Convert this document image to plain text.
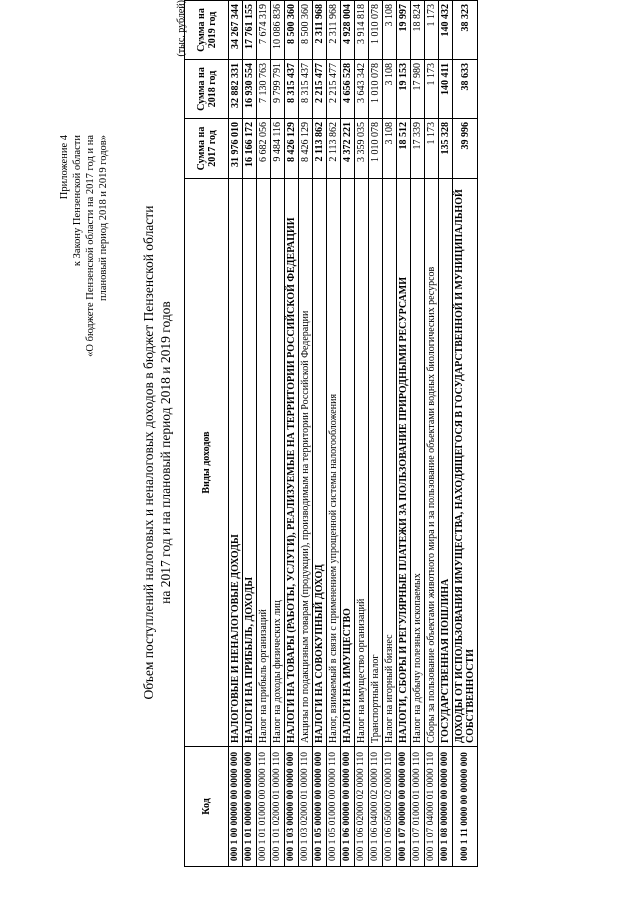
Приложение 4 к Закону Пензенской области «О бюджете Пензенской области на 2017 год и на плановый период 2018 и 2019 годов» Объем поступлений налоговых и неналоговых доходов в бюджет Пензенской области на 2017 год и на плановый период 2018 и 2019 годов
(тыс. рублей)
Код	Виды доходов	Сумма на 2017 год	Сумма на 2018 год	Сумма на 2019 год
000 1 00 00000 00 0000 000	НАЛОГОВЫЕ И НЕНАЛОГОВЫЕ ДОХОДЫ	31 976 010	32 882 331	34 267 344
000 1 01 00000 00 0000 000	НАЛОГИ НА ПРИБЫЛЬ, ДОХОДЫ	16 166 172	16 930 554	17 761 155
000 1 01 01000 00 0000 110	Налог на прибыль организаций	6 682 056	7 130 763	7 674 319
000 1 01 02000 01 0000 110	Налог на доходы физических лиц	9 484 116	9 799 791	10 086 836
000 1 03 00000 00 0000 000	НАЛОГИ НА ТОВАРЫ (РАБОТЫ, УСЛУГИ), РЕАЛИЗУЕМЫЕ НА ТЕРРИТОРИИ РОССИЙСКОЙ ФЕДЕРАЦИИ	8 426 129	8 315 437	8 500 360
000 1 03 02000 01 0000 110	Акцизы по подакцизным товарам (продукции), производимым на территории Российской Федерации	8 426 129	8 315 437	8 500 360
000 1 05 00000 00 0000 000	НАЛОГИ НА СОВОКУПНЫЙ ДОХОД	2 113 862	2 215 477	2 311 968
000 1 05 01000 00 0000 110	Налог, взимаемый в связи с применением упрощенной системы налогообложения	2 113 862	2 215 477	2 311 968
000 1 06 00000 00 0000 000	НАЛОГИ НА ИМУЩЕСТВО	4 372 221	4 656 528	4 928 004
000 1 06 02000 02 0000 110	Налог на имущество организаций	3 359 035	3 643 342	3 914 818
000 1 06 04000 02 0000 110	Транспортный налог	1 010 078	1 010 078	1 010 078
000 1 06 05000 02 0000 110	Налог на игорный бизнес	3 108	3 108	3 108
000 1 07 00000 00 0000 000	НАЛОГИ, СБОРЫ И РЕГУЛЯРНЫЕ ПЛАТЕЖИ ЗА ПОЛЬЗОВАНИЕ ПРИРОДНЫМИ РЕСУРСАМИ	18 512	19 153	19 997
000 1 07 01000 01 0000 110	Налог на добычу полезных ископаемых	17 339	17 980	18 824
000 1 07 04000 01 0000 110	Сборы за пользование объектами животного мира и за пользование объектами водных биологических ресурсов	1 173	1 173	1 173
000 1 08 00000 00 0000 000	ГОСУДАРСТВЕННАЯ ПОШЛИНА	135 328	140 411	140 432
000 1 11 0000 00 00000 000	ДОХОДЫ ОТ ИСПОЛЬЗОВАНИЯ ИМУЩЕСТВА, НАХОДЯЩЕГОСЯ В ГОСУДАРСТВЕННОЙ И МУНИЦИПАЛЬНОЙ СОБСТВЕННОСТИ	39 996	38 633	38 323
